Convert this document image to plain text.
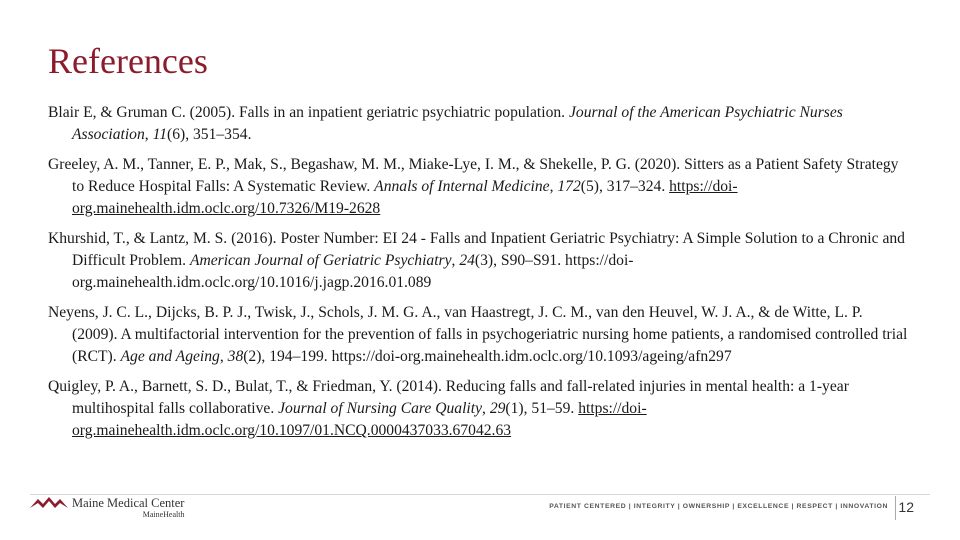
References

Blair E, & Gruman C. (2005). Falls in an inpatient geriatric psychiatric population. Journal of the American Psychiatric Nurses Association, 11(6), 351–354.

Greeley, A. M., Tanner, E. P., Mak, S., Begashaw, M. M., Miake-Lye, I. M., & Shekelle, P. G. (2020). Sitters as a Patient Safety Strategy to Reduce Hospital Falls: A Systematic Review. Annals of Internal Medicine, 172(5), 317–324. https://doi-org.mainehealth.idm.oclc.org/10.7326/M19-2628

Khurshid, T., & Lantz, M. S. (2016). Poster Number: EI 24 - Falls and Inpatient Geriatric Psychiatry: A Simple Solution to a Chronic and Difficult Problem. American Journal of Geriatric Psychiatry, 24(3), S90–S91. https://doi-org.mainehealth.idm.oclc.org/10.1016/j.jagp.2016.01.089

Neyens, J. C. L., Dijcks, B. P. J., Twisk, J., Schols, J. M. G. A., van Haastregt, J. C. M., van den Heuvel, W. J. A., & de Witte, L. P. (2009). A multifactorial intervention for the prevention of falls in psychogeriatric nursing home patients, a randomised controlled trial (RCT). Age and Ageing, 38(2), 194–199. https://doi-org.mainehealth.idm.oclc.org/10.1093/ageing/afn297

Quigley, P. A., Barnett, S. D., Bulat, T., & Friedman, Y. (2014). Reducing falls and fall-related injuries in mental health: a 1-year multihospital falls collaborative. Journal of Nursing Care Quality, 29(1), 51–59. https://doi-org.mainehealth.idm.oclc.org/10.1097/01.NCQ.0000437033.67042.63

Maine Medical Center
MaineHealth
PATIENT CENTERED | INTEGRITY | OWNERSHIP | EXCELLENCE | RESPECT | INNOVATION 12
